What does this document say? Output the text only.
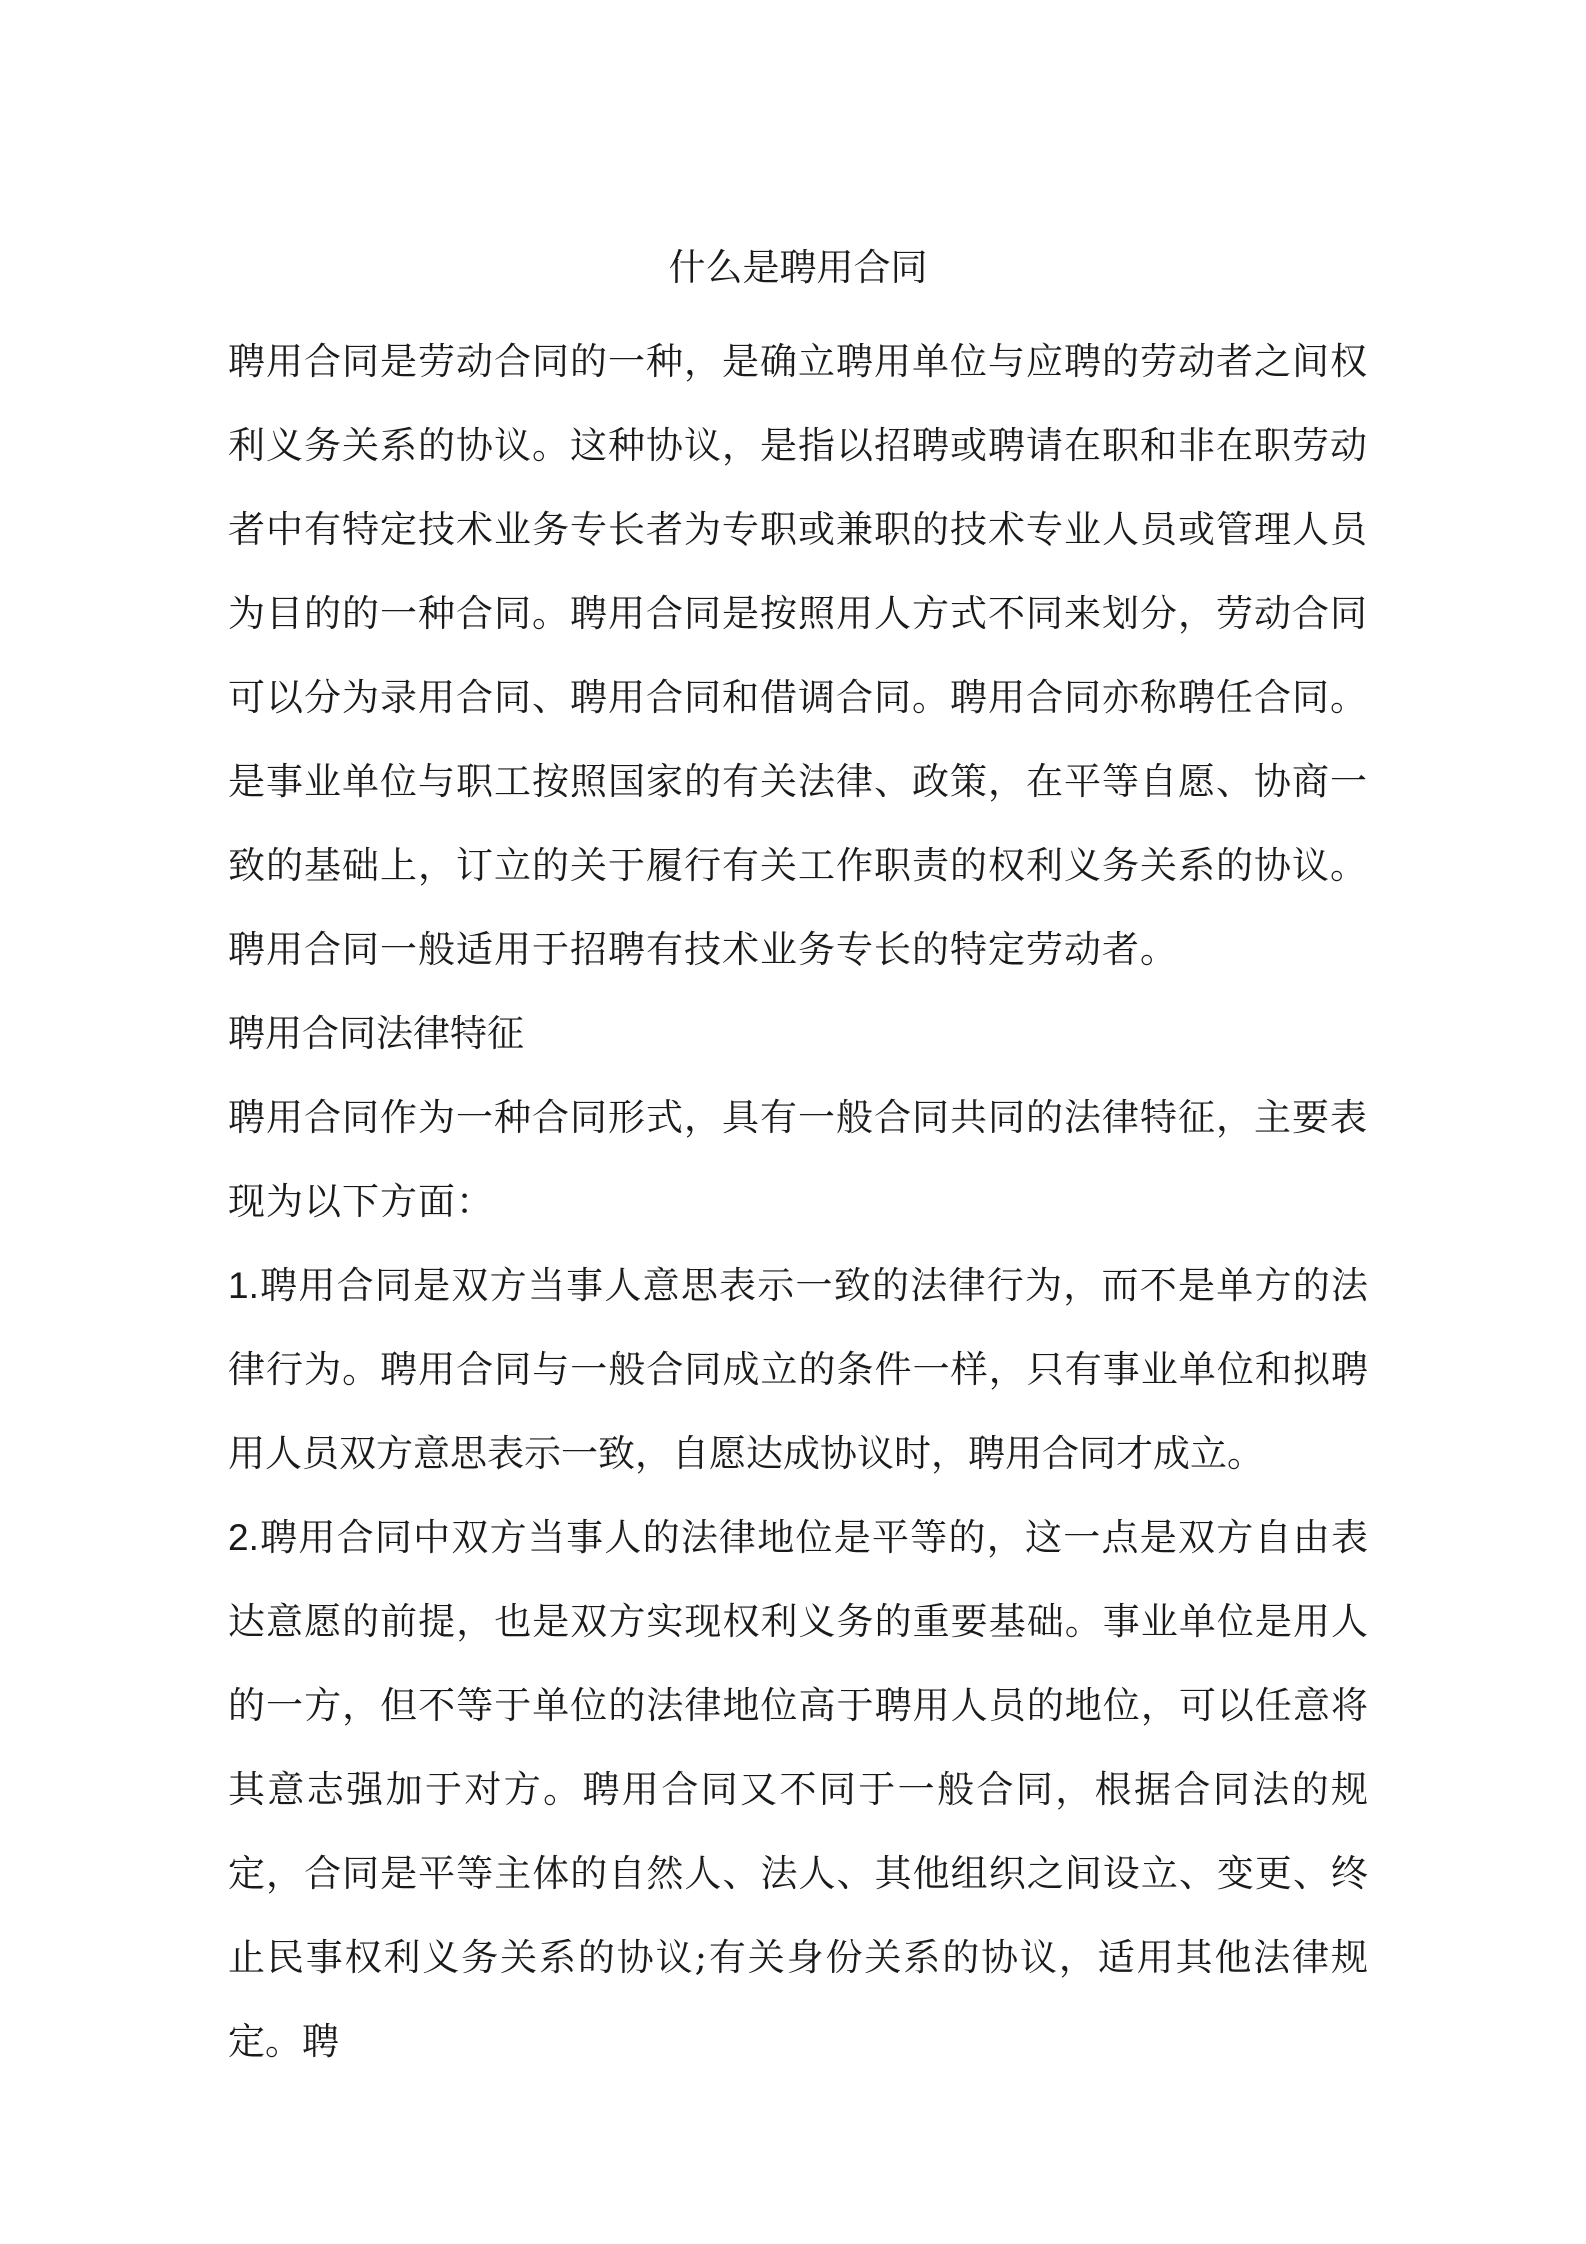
什么是聘用合同

聘用合同是劳动合同的一种，是确立聘用单位与应聘的劳动者之间权利义务关系的协议。这种协议，是指以招聘或聘请在职和非在职劳动者中有特定技术业务专长者为专职或兼职的技术专业人员或管理人员为目的的一种合同。聘用合同是按照用人方式不同来划分，劳动合同可以分为录用合同、聘用合同和借调合同。聘用合同亦称聘任合同。是事业单位与职工按照国家的有关法律、政策，在平等自愿、协商一致的基础上，订立的关于履行有关工作职责的权利义务关系的协议。聘用合同一般适用于招聘有技术业务专长的特定劳动者。

聘用合同法律特征

聘用合同作为一种合同形式，具有一般合同共同的法律特征，主要表现为以下方面：

1.聘用合同是双方当事人意思表示一致的法律行为，而不是单方的法律行为。聘用合同与一般合同成立的条件一样，只有事业单位和拟聘用人员双方意思表示一致，自愿达成协议时，聘用合同才成立。

2.聘用合同中双方当事人的法律地位是平等的，这一点是双方自由表达意愿的前提，也是双方实现权利义务的重要基础。事业单位是用人的一方，但不等于单位的法律地位高于聘用人员的地位，可以任意将其意志强加于对方。聘用合同又不同于一般合同，根据合同法的规定，合同是平等主体的自然人、法人、其他组织之间设立、变更、终止民事权利义务关系的协议;有关身份关系的协议，适用其他法律规定。聘
